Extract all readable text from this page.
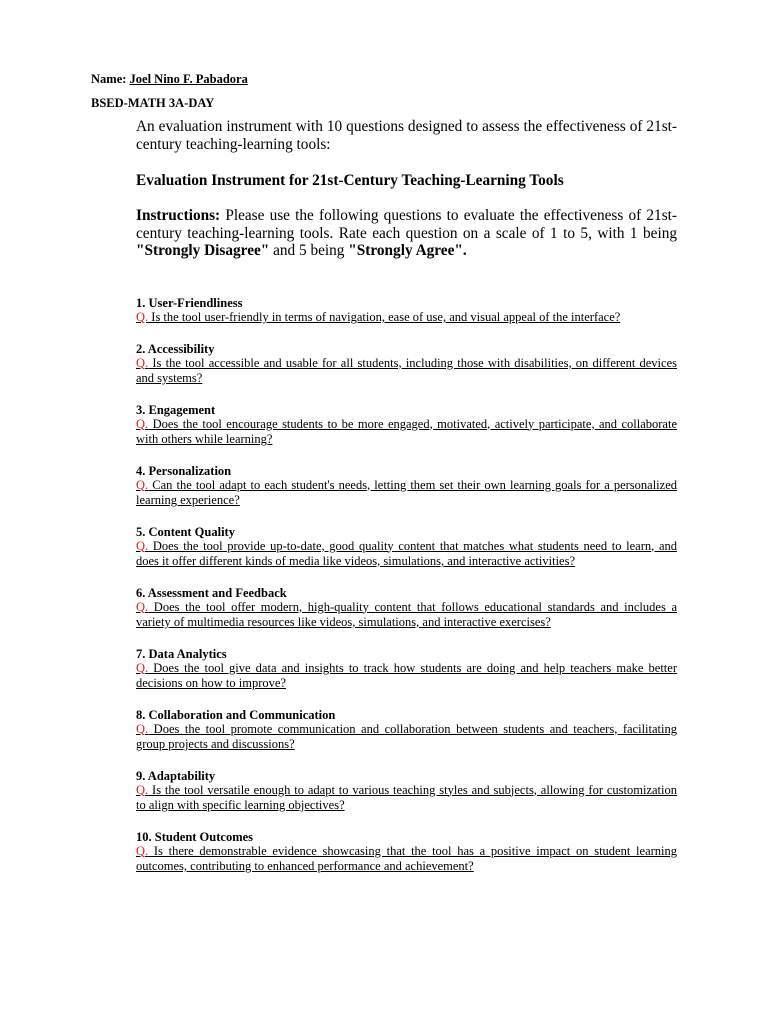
Name: Joel Nino F. Pabadora
BSED-MATH 3A-DAY

An evaluation instrument with 10 questions designed to assess the effectiveness of 21st-century teaching-learning tools:

Evaluation Instrument for 21st-Century Teaching-Learning Tools

Instructions: Please use the following questions to evaluate the effectiveness of 21st-century teaching-learning tools. Rate each question on a scale of 1 to 5, with 1 being "Strongly Disagree" and 5 being "Strongly Agree".

1. User-Friendliness

Q. Is the tool user-friendly in terms of navigation, ease of use, and visual appeal of the interface?

2. Accessibility

Q. Is the tool accessible and usable for all students, including those with disabilities, on different devices and systems?

3. Engagement

Q. Does the tool encourage students to be more engaged, motivated, actively participate, and collaborate with others while learning?

4. Personalization

Q. Can the tool adapt to each student's needs, letting them set their own learning goals for a personalized learning experience?

5. Content Quality

Q. Does the tool provide up-to-date, good quality content that matches what students need to learn, and does it offer different kinds of media like videos, simulations, and interactive activities?

6. Assessment and Feedback

Q. Does the tool offer modern, high-quality content that follows educational standards and includes a variety of multimedia resources like videos, simulations, and interactive exercises?

7. Data Analytics

Q. Does the tool give data and insights to track how students are doing and help teachers make better decisions on how to improve?

8. Collaboration and Communication

Q. Does the tool promote communication and collaboration between students and teachers, facilitating group projects and discussions?

9. Adaptability

Q. Is the tool versatile enough to adapt to various teaching styles and subjects, allowing for customization to align with specific learning objectives?

10. Student Outcomes

Q. Is there demonstrable evidence showcasing that the tool has a positive impact on student learning outcomes, contributing to enhanced performance and achievement?
